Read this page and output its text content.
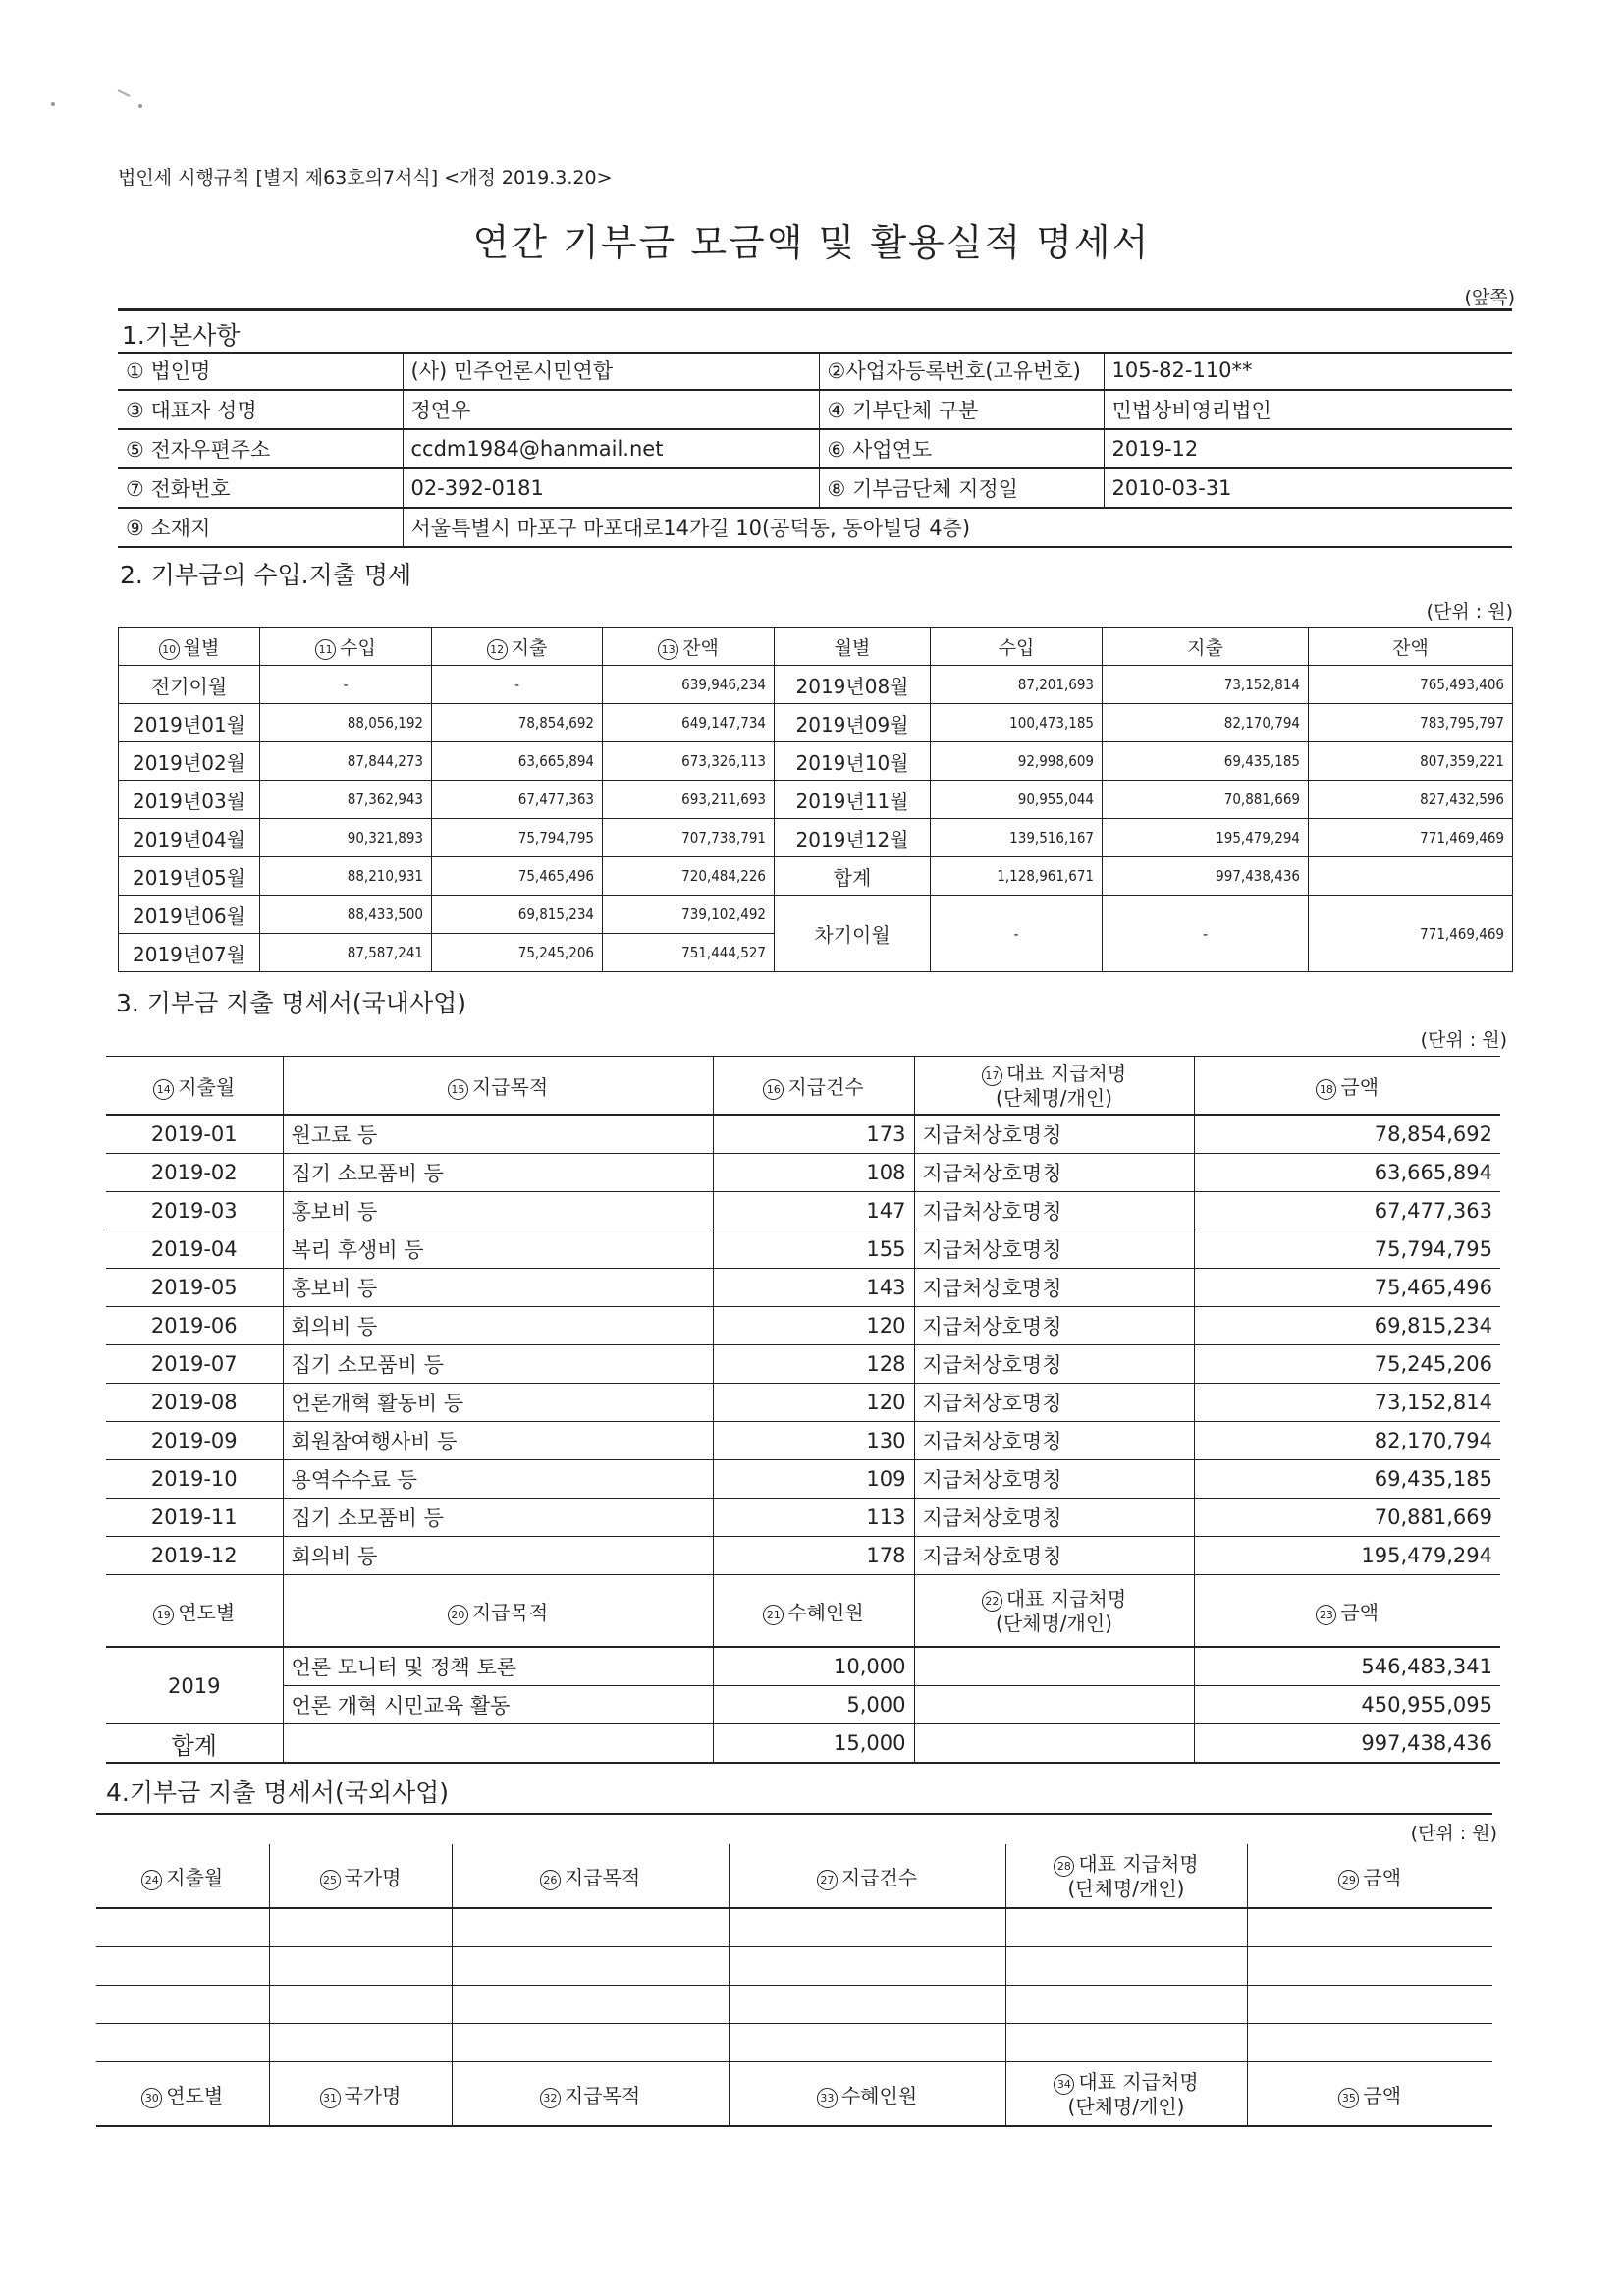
법인세 시행규칙 [별지 제63호의7서식] <개정 2019.3.20>
연간 기부금 모금액 및 활용실적 명세서
(앞쪽)
1.기본사항
① 법인명	(사) 민주언론시민연합	②사업자등록번호(고유번호)	105-82-110**
③ 대표자 성명	정연우	④ 기부단체 구분	민법상비영리법인
⑤ 전자우편주소	ccdm1984@hanmail.net	⑥ 사업연도	2019-12
⑦ 전화번호	02-392-0181	⑧ 기부금단체 지정일	2010-03-31
⑨ 소재지	서울특별시 마포구 마포대로14가길 10(공덕동, 동아빌딩 4층)		
2. 기부금의 수입.지출 명세
(단위 : 원)
10 월별	11 수입	12 지출	13 잔액	월별	수입	지출	잔액
전기이월	-	-	639,946,234	2019년08월	87,201,693	73,152,814	765,493,406
2019년01월	88,056,192	78,854,692	649,147,734	2019년09월	100,473,185	82,170,794	783,795,797
2019년02월	87,844,273	63,665,894	673,326,113	2019년10월	92,998,609	69,435,185	807,359,221
2019년03월	87,362,943	67,477,363	693,211,693	2019년11월	90,955,044	70,881,669	827,432,596
2019년04월	90,321,893	75,794,795	707,738,791	2019년12월	139,516,167	195,479,294	771,469,469
2019년05월	88,210,931	75,465,496	720,484,226	합계	1,128,961,671	997,438,436	
2019년06월	88,433,500	69,815,234	739,102,492	차기이월	-	-	771,469,469
2019년07월	87,587,241	75,245,206	751,444,527				
3. 기부금 지출 명세서(국내사업)
(단위 : 원)
14 지출월	15 지급목적	16 지급건수	17 대표 지급처명
(단체명/개인)	18 금액
2019-01	원고료 등	173	지급처상호명칭	78,854,692
2019-02	집기 소모품비 등	108	지급처상호명칭	63,665,894
2019-03	홍보비 등	147	지급처상호명칭	67,477,363
2019-04	복리 후생비 등	155	지급처상호명칭	75,794,795
2019-05	홍보비 등	143	지급처상호명칭	75,465,496
2019-06	회의비 등	120	지급처상호명칭	69,815,234
2019-07	집기 소모품비 등	128	지급처상호명칭	75,245,206
2019-08	언론개혁 활동비 등	120	지급처상호명칭	73,152,814
2019-09	회원참여행사비 등	130	지급처상호명칭	82,170,794
2019-10	용역수수료 등	109	지급처상호명칭	69,435,185
2019-11	집기 소모품비 등	113	지급처상호명칭	70,881,669
2019-12	회의비 등	178	지급처상호명칭	195,479,294
19 연도별	20 지급목적	21 수혜인원	22 대표 지급처명
(단체명/개인)	23 금액
2019	언론 모니터 및 정책 토론	10,000		546,483,341
	언론 개혁 시민교육 활동	5,000		450,955,095
합계		15,000		997,438,436
4.기부금 지출 명세서(국외사업)
(단위 : 원)
24 지출월	25 국가명	26 지급목적	27 지급건수	28 대표 지급처명
(단체명/개인)	29 금액

30 연도별	31 국가명	32 지급목적	33 수혜인원	34 대표 지급처명
(단체명/개인)	35 금액
